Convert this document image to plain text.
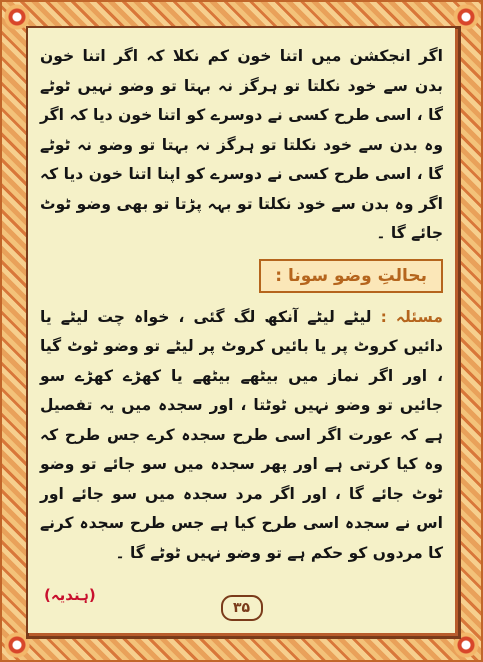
اگر انجکشن میں اتنا خون کم نکلا کہ اگر اتنا خون بدن سے خود نکلتا تو ہرگز نہ بہتا تو وضو نہیں ٹوٹے گا ، اسی طرح کسی نے دوسرے کو اتنا خون دیا کہ اگر وہ بدن سے خود نکلتا تو ہرگز نہ بہتا تو وضو نہ ٹوٹے گا ، اسی طرح کسی نے دوسرے کو اپنا اتنا خون دیا کہ اگر وہ بدن سے خود نکلتا تو بہہ پڑتا تو بھی وضو ٹوٹ جائے گا ۔

بحالتِ وضو سونا :

مسئلہ : لیٹے لیٹے آنکھ لگ گئی ، خواہ چت لیٹے یا دائیں کروٹ پر یا بائیں کروٹ پر لیٹے تو وضو ٹوٹ گیا ، اور اگر نماز میں بیٹھے بیٹھے یا کھڑے کھڑے سو جائیں تو وضو نہیں ٹوٹتا ، اور سجدہ میں یہ تفصیل ہے کہ عورت اگر اسی طرح سجدہ کرے جس طرح کہ وہ کیا کرتی ہے اور پھر سجدہ میں سو جائے تو وضو ٹوٹ جائے گا ، اور اگر مرد سجدہ میں سو جائے اور اس نے سجدہ اسی طرح کیا ہے جس طرح سجدہ کرنے کا مردوں کو حکم ہے تو وضو نہیں ٹوٹے گا ۔

(ہندیہ)
۳۵
